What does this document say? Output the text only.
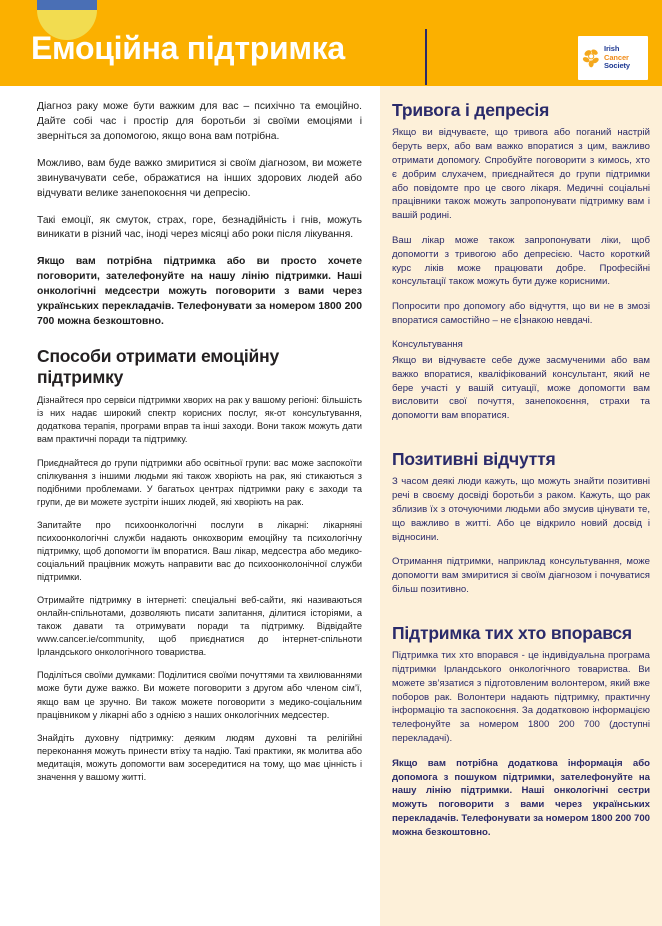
Емоційна підтримка	Irish
Cancer
Society

Діагноз раку може бути важким для вас – психічно та емоційно. Дайте собі час і простір для боротьби зі своїми емоціями і зверніться за допомогою, якщо вона вам потрібна.

Можливо, вам буде важко змиритися зі своїм діагнозом, ви можете звинувачувати себе, ображатися на інших здорових людей або відчувати велике занепокоєння чи депресію.

Такі емоції, як смуток, страх, горе, безнадійність і гнів, можуть виникати в різний час, іноді через місяці або роки після лікування.

Якщо вам потрібна підтримка або ви просто хочете поговорити, зателефонуйте на нашу лінію підтримки. Наші онкологічні медсестри можуть поговорити з вами через українських перекладачів. Телефонувати за номером 1800 200 700 можна безкоштовно.

Способи отримати емоційну підтримку

Дізнайтеся про сервіси підтримки хворих на рак у вашому регіоні: більшість із них надає широкий спектр корисних послуг, як-от консультування, додаткова терапія, програми вправ та інші заходи. Вони також можуть дати вам практичні поради та підтримку.

Приєднайтеся до групи підтримки або освітньої групи: вас може заспокоїти спілкування з іншими людьми які також хворіють на рак, які стикаються з подібними проблемами. У багатьох центрах підтримки раку є заходи та групи, де ви можете зустріти інших людей, які хворіють на рак.

Запитайте про психоонкологічні послуги в лікарні: лікарняні психоонкологічні служби надають онкохворим емоційну та психологічну підтримку, щоб допомогти їм впоратися. Ваш лікар, медсестра або медико-соціальний працівник можуть направити вас до психоонколонічної служби підтримки.

Отримайте підтримку в інтернеті: спеціальні веб-сайти, які називаються онлайн-спільнотами, дозволяють писати запитання, ділитися історіями, а також давати та отримувати поради та підтримку. Відвідайте www.cancer.ie/community, щоб приєднатися до інтернет-спільноти Ірландського онкологічного товариства.

Поділіться своїми думками: Поділитися своїми почуттями та хвилюваннями може бути дуже важко. Ви можете поговорити з другом або членом сім’ї, якщо вам це зручно. Ви також можете поговорити з медико-соціальним працівником у лікарні або з однією з наших онкологічних медсестер.

Знайдіть духовну підтримку: деяким людям духовні та релігійні переконання можуть принести втіху та надію. Такі практики, як молитва або медитація, можуть допомогти вам зосередитися на тому, що має цінність і значення у вашому житті.

Тривога і депресія

Якщо ви відчуваєте, що тривога або поганий настрій беруть верх, або вам важко впоратися з цим, важливо отримати допомогу. Спробуйте поговорити з кимось, хто є добрим слухачем, приєднайтеся до групи підтримки або повідомте про це свого лікаря. Медичні соціальні працівники також можуть запропонувати підтримку вам і вашій родині.

Ваш лікар може також запропонувати ліки, щоб допомогти з тривогою або депресією. Часто короткий курс ліків може працювати добре. Професійні консультації також можуть бути дуже корисними.

Попросити про допомогу або відчуття, що ви не в змозі впоратися самостійно – не є знакою невдачі.

Консультування

Якщо ви відчуваєте себе дуже засмученими або вам важко впоратися, кваліфікований консультант, який не бере участі у вашій ситуації, може допомогти вам висловити свої почуття, занепокоєння, страхи та допомогти вам впоратися.

Позитивні відчуття

З часом деякі люди кажуть, що можуть знайти позитивні речі в своєму досвіді боротьби з раком. Кажуть, що рак зблизив їх з оточуючими людьми або змусив цінувати те, що важливо в житті. Або це відкрило новий досвід і відносини.

Отримання підтримки, наприклад консультування, може допомогти вам змиритися зі своїм діагнозом і почуватися більш позитивно.

Підтримка тих хто впорався

Підтримка тих хто впорався - це індивідуальна програма підтримки Ірландського онкологічного товариства. Ви можете зв’язатися з підготовленим волонтером, який вже поборов рак. Волонтери надають підтримку, практичну інформацію та заспокоєння. За додатковою інформацією телефонуйте за номером 1800 200 700 (доступні перекладачі).

Якщо вам потрібна додаткова інформація або допомога з пошуком підтримки, зателефонуйте на нашу лінію підтримки. Наші онкологічні сестри можуть поговорити з вами через українських перекладачів. Телефонувати за номером 1800 200 700 можна безкоштовно.
